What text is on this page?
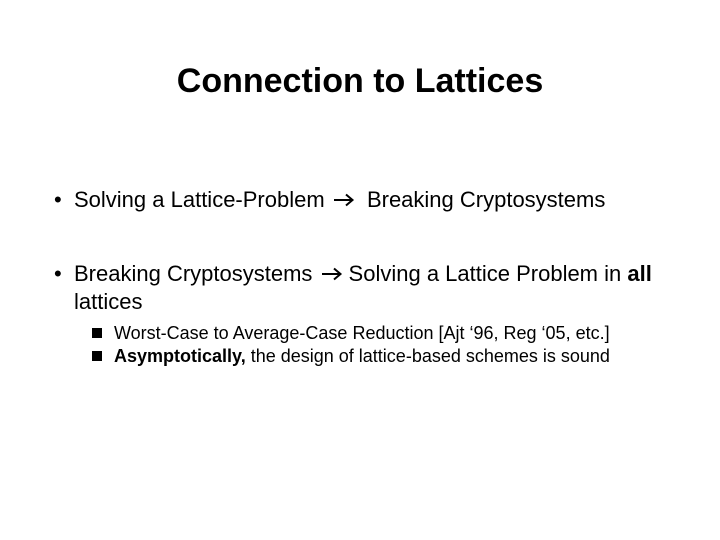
Connection to Lattices
• Solving a Lattice-Problem Breaking Cryptosystems
• Breaking Cryptosystems Solving a Lattice Problem in all lattices
Worst-Case to Average-Case Reduction [Ajt ‘96, Reg ‘05, etc.]
Asymptotically, the design of lattice-based schemes is sound
